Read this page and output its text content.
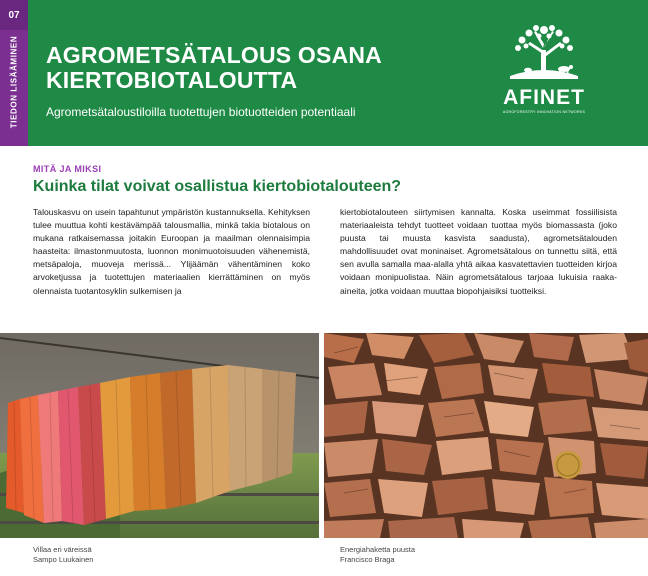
07
TIEDON LISÄÄMINEN AGROMETSÄTALOUS OSANA KIERTOBIOTALOUTTA
Agrometsätaloustiloilla tuotettujen biotuotteiden potentiaali
AFINET
AGROFORESTRY INNOVATION NETWORKS
MITÄ JA MIKSI
Kuinka tilat voivat osallistua kiertobiotalouteen?
Talouskasvu on usein tapahtunut ympäristön kustannuksella. Kehityksen tulee muuttua kohti kestävämpää talousmallia, minkä takia biotalous on mukana ratkaisemassa joitakin Euroopan ja maailman olennaisimpia haasteita: ilmastonmuutosta, luonnon monimuotoisuuden vähenemistä, metsäpaloja, muoveja merissä... Ylijäämän vähentäminen koko arvoketjussa ja tuotettujen materiaalien kierrättäminen on myös olennaista tuotantosyklin sulkemisen ja
kiertobiotalouteen siirtymisen kannalta. Koska useimmat fossiilisista materiaaleista tehdyt tuotteet voidaan tuottaa myös biomassasta (joko puusta tai muusta kasvista saadusta), agrometsätalouden mahdollisuudet ovat moninaiset. Agrometsätalous on tunnettu siitä, että sen avulla samalla maa-alalla yhtä aikaa kasvatettavien tuotteiden kirjoa voidaan monipuolistaa. Näin agrometsätalous tarjoaa lukuisia raaka-aineita, jotka voidaan muuttaa biopohjaisiksi tuotteiksi.
Villaa eri väreissä
Sampo Luukainen
Energiahaketta puusta
Francisco Braga
